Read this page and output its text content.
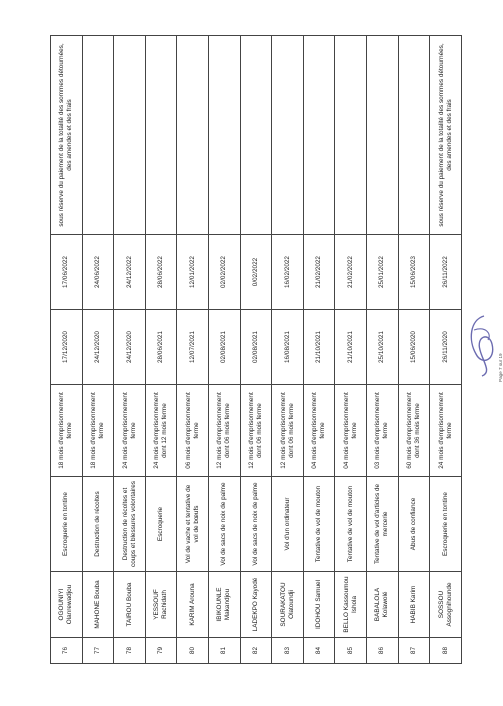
76	OGOUNIYI Olanrewadjou	Escroquerie en tontine	18 mois d'emprisonnement ferme	17/12/2020	17/06/2022	sous réserve du paiement de la totalité des sommes détournées, des amendes et des frais
77	MAHONE Bouba	Destruction de récoltes	18 mois d'emprisonnement ferme	24/12/2020	24/06/2022	
78	TAIROU Bouba	Destruction de récoltes et coups et blessures volontaires	24 mois d'emprisonnement ferme	24/12/2020	24/12/2022	
79	YESSOUF Rachidath	Escroquerie	24 mois d'emprisonnement dont 12 mois ferme	28/06/2021	28/06/2022	
80	KARIM Arouna	Vol de vache et tentative de vol de bœufs	06 mois d'emprisonnement ferme	12/07/2021	12/01/2022	
81	IBIKOUNLE Makandjou	Vol de sacs de noix de palme	12 mois d'emprisonnement dont 06 mois ferme	02/08/2021	02/02/2022	
82	LADEKPO Kayodé	Vol de sacs de noix de palme	12 mois d'emprisonnement dont 06 mois ferme	02/08/2021	0/02/2022	
83	SOURAKATOU Olatoundji	Vol d'un ordinateur	12 mois d'emprisonnement dont 06 mois ferme	16/08/2021	16/02/2022	
84	IDOHOU Samuel	Tentative de vol de mouton	04 mois d'emprisonnement ferme	21/10/2021	21/02/2022	
85	BELLO Kassoumou Ishola	Tentative de vol de mouton	04 mois d'emprisonnement ferme	21/10/2021	21/02/2022	
86	BABALOLA Kolawolé	Tentative de vol d'articles de mercerie	03 mois d'emprisonnement ferme	25/10/2021	25/01/2022	
87	HABIB Karim	Abus de confiance	60 mois d'emprisonnement dont 36 mois ferme	15/06/2020	15/06/2023	
88	SOSSOU Assognihounde	Escroquerie en tontine	24 mois d'emprisonnement ferme	26/11/2020	26/11/2022	sous réserve du paiement de la totalité des sommes détournées, des amendes et des frais
Page 7 sur 19
